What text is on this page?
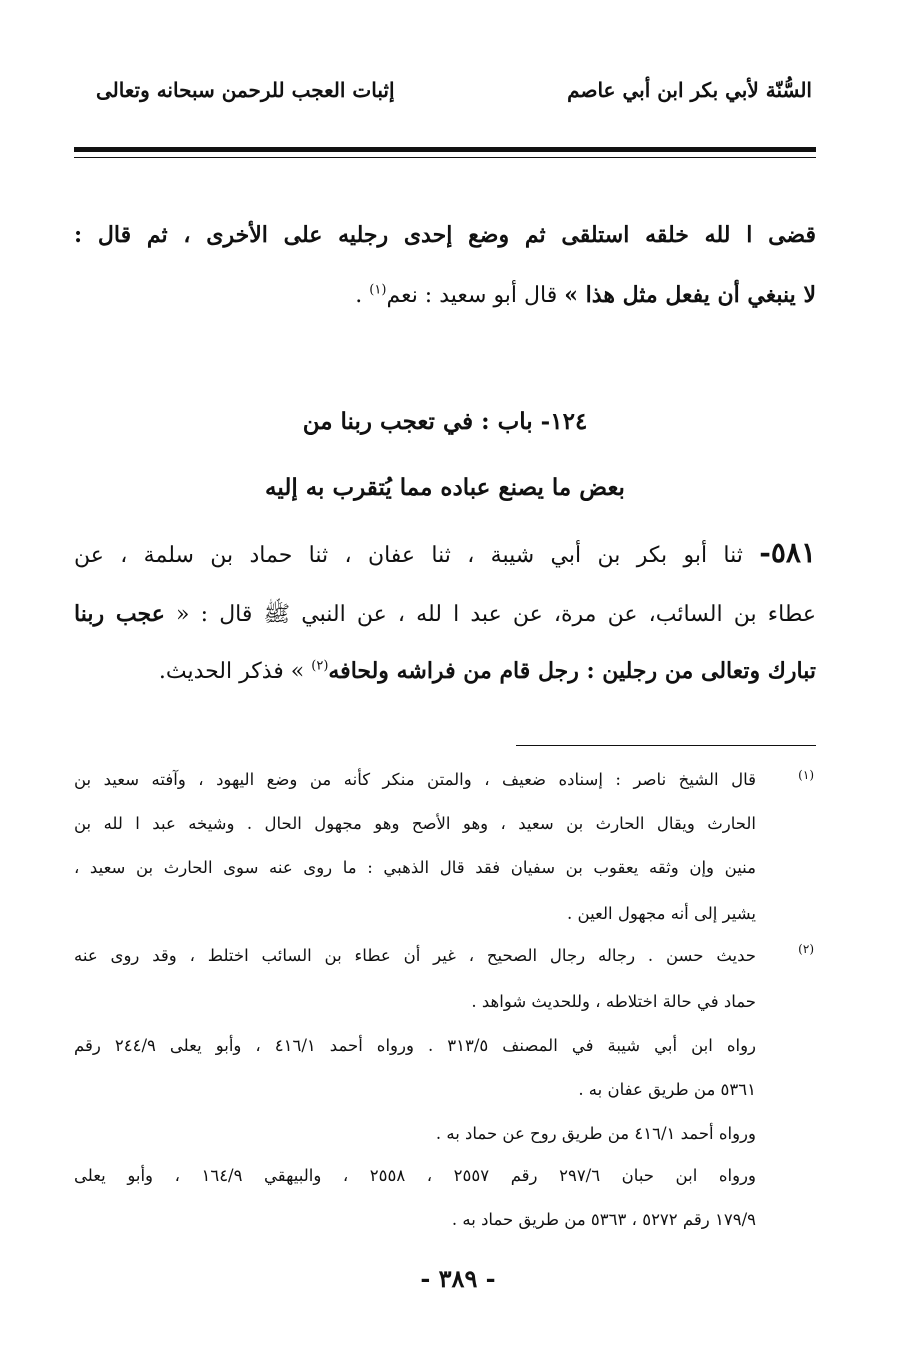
السُّنّة لأبي بكر ابن أبي عاصم
إثبات العجب للرحمن سبحانه وتعالى
قضى ا لله خلقه استلقى ثم وضع إحدى رجليه على الأخرى ، ثم قال :
لا ينبغي أن يفعل مثل هذا » قال أبو سعيد : نعم$^{(١)}$ .
١٢٤- باب : في تعجب ربنا من
بعض ما يصنع عباده مما يُتقرب به إليه
٥٨١- ثنا أبو بكر بن أبي شيبة ، ثنا عفان ، ثنا حماد بن سلمة ، عن
عطاء بن السائب، عن مرة، عن عبد ا لله ، عن النبي ﷺ قال : « عجب ربنا
تبارك وتعالى من رجلين : رجل قام من فراشه ولحافه$^{(٢)}$ » فذكر الحديث.
(١)
قال الشيخ ناصر : إسناده ضعيف ، والمتن منكر كأنه من وضع اليهود ، وآفته سعيد بن
الحارث ويقال الحارث بن سعيد ، وهو الأصح وهو مجهول الحال . وشيخه عبد ا لله بن
منين وإن وثقه يعقوب بن سفيان فقد قال الذهبي : ما روى عنه سوى الحارث بن سعيد ،
يشير إلى أنه مجهول العين .
(٢)
حديث حسن . رجاله رجال الصحيح ، غير أن عطاء بن السائب اختلط ، وقد روى عنه
حماد في حالة اختلاطه ، وللحديث شواهد .
رواه ابن أبي شيبة في المصنف ٣١٣/٥ . ورواه أحمد ٤١٦/١ ، وأبو يعلى ٢٤٤/٩ رقم
٥٣٦١ من طريق عفان به .
ورواه أحمد ٤١٦/١ من طريق روح عن حماد به .
ورواه ابن حبان ٢٩٧/٦ رقم ٢٥٥٧ ، ٢٥٥٨ ، والبيهقي ١٦٤/٩ ، وأبو يعلى
١٧٩/٩ رقم ٥٢٧٢ ، ٥٣٦٣ من طريق حماد به .
- ٣٨٩ -
